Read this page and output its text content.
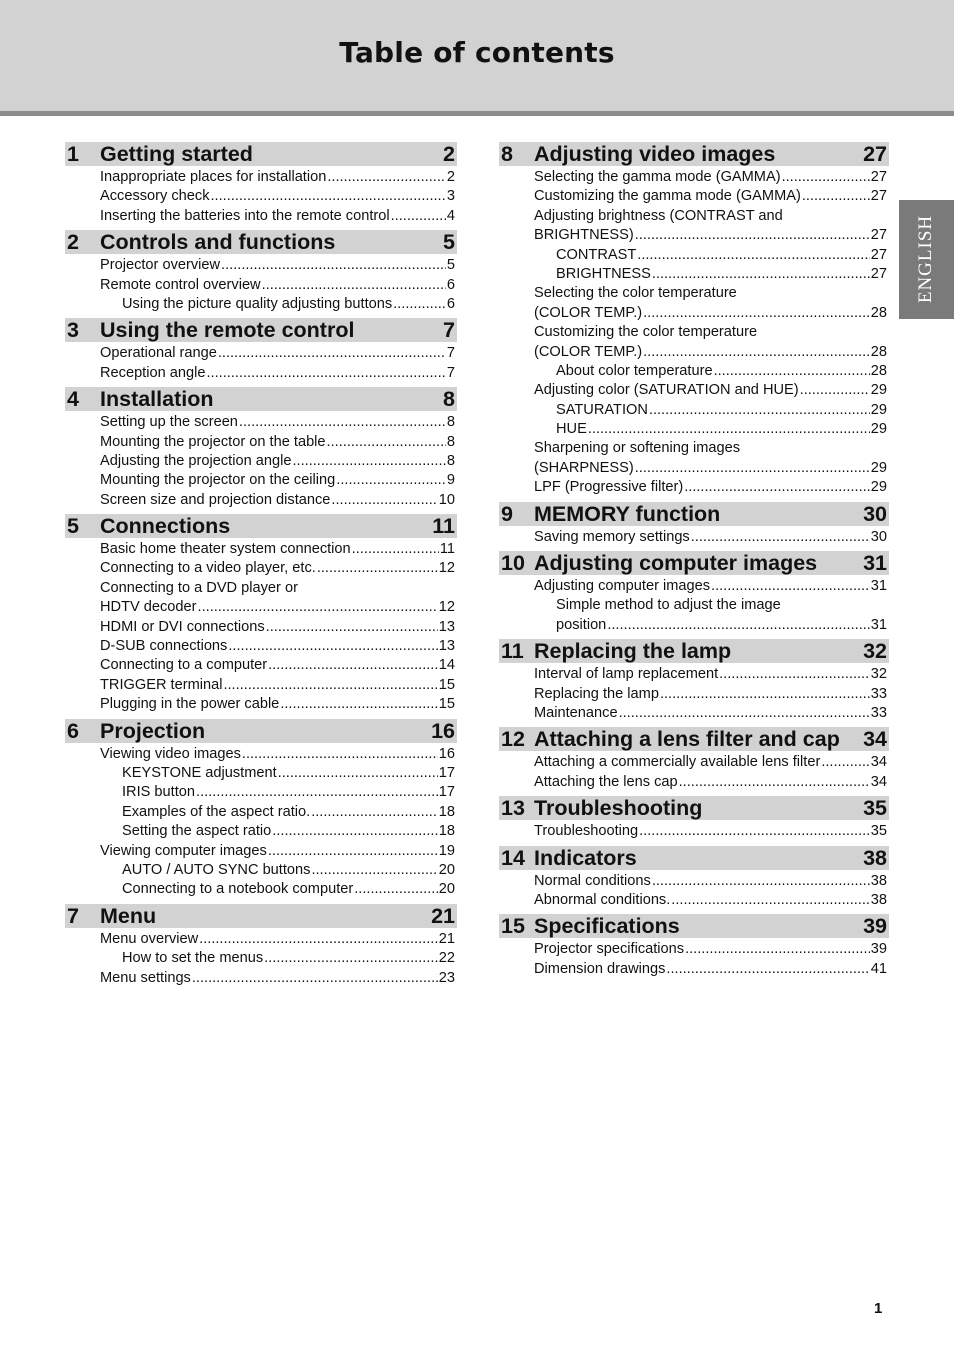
Table of contents
1 Getting started	2
Inappropriate places for installation .....	2
Accessory check .....	3
Inserting the batteries into the remote control .....	4
2 Controls and functions	5
Projector overview .....	5
Remote control overview .....	6
Using the picture quality adjusting buttons .....	6
3 Using the remote control	7
Operational range .....	7
Reception angle .....	7
4 Installation	8
Setting up the screen .....	8
Mounting the projector on the table .....	8
Adjusting the projection angle .....	8
Mounting the projector on the ceiling .....	9
Screen size and projection distance .....	10
5 Connections	11
Basic home theater system connection .....	11
Connecting to a video player, etc. .....	12
Connecting to a DVD player or
HDTV decoder .....	12
HDMI or DVI connections .....	13
D-SUB connections .....	13
Connecting to a computer .....	14
TRIGGER terminal .....	15
Plugging in the power cable .....	15
6 Projection	16
Viewing video images .....	16
KEYSTONE adjustment .....	17
IRIS button .....	17
Examples of the aspect ratio. .....	18
Setting the aspect ratio .....	18
Viewing computer images .....	19
AUTO / AUTO SYNC buttons .....	20
Connecting to a notebook computer .....	20
7 Menu	21
Menu overview .....	21
How to set the menus .....	22
Menu settings .....	23
8 Adjusting video images	27
Selecting the gamma mode (GAMMA) .....	27
Customizing the gamma mode (GAMMA) .....	27
Adjusting brightness (CONTRAST and
BRIGHTNESS) .....	27
CONTRAST .....	27
BRIGHTNESS .....	27
Selecting the color temperature
(COLOR TEMP.) .....	28
Customizing the color temperature
(COLOR TEMP.) .....	28
About color temperature .....	28
Adjusting color (SATURATION and HUE) .....	29
SATURATION .....	29
HUE .....	29
Sharpening or softening images
(SHARPNESS) .....	29
LPF (Progressive filter) .....	29
9 MEMORY function	30
Saving memory settings .....	30
10 Adjusting computer images 31
Adjusting computer images .....	31
Simple method to adjust the image
position .....	31
11 Replacing the lamp	32
Interval of lamp replacement .....	32
Replacing the lamp .....	33
Maintenance .....	33
12 Attaching a lens filter and cap 34
Attaching a commercially available lens filter .....	34
Attaching the lens cap .....	34
13 Troubleshooting	35
Troubleshooting .....	35
14 Indicators	38
Normal conditions .....	38
Abnormal conditions. .....	38
15 Specifications	39
Projector specifications .....	39
Dimension drawings .....	41
ENGLISH
1
